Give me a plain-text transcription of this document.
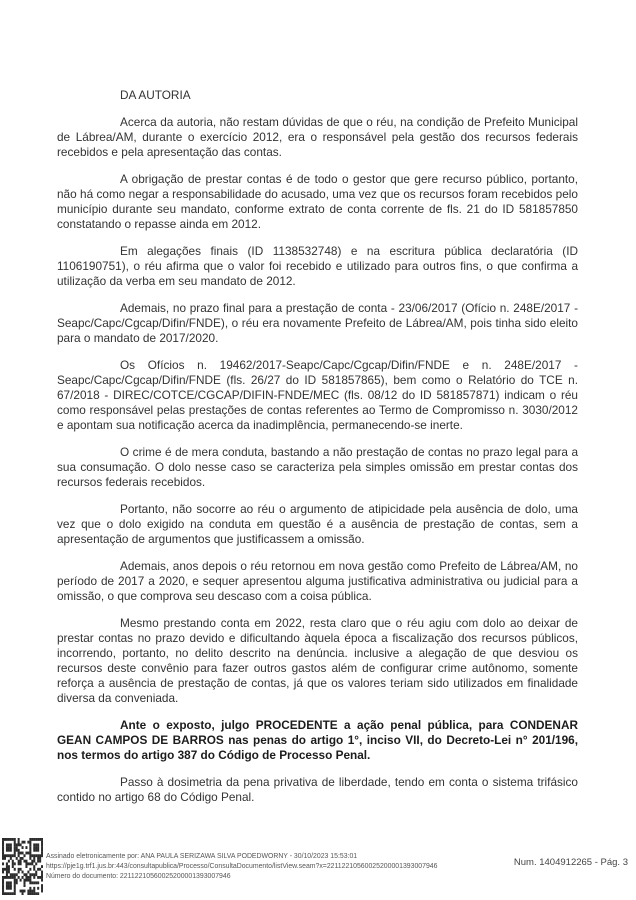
DA AUTORIA

Acerca da autoria, não restam dúvidas de que o réu, na condição de Prefeito Municipal de Lábrea/AM, durante o exercício 2012, era o responsável pela gestão dos recursos federais recebidos e pela apresentação das contas.

A obrigação de prestar contas é de todo o gestor que gere recurso público, portanto, não há como negar a responsabilidade do acusado, uma vez que os recursos foram recebidos pelo município durante seu mandato, conforme extrato de conta corrente de fls. 21 do ID 581857850 constatando o repasse ainda em 2012.

Em alegações finais (ID 1138532748) e na escritura pública declaratória (ID 1106190751), o réu afirma que o valor foi recebido e utilizado para outros fins, o que confirma a utilização da verba em seu mandato de 2012.

Ademais, no prazo final para a prestação de conta - 23/06/2017 (Ofício n. 248E/2017 - Seapc/Capc/Cgcap/Difin/FNDE), o réu era novamente Prefeito de Lábrea/AM, pois tinha sido eleito para o mandato de 2017/2020.

Os Ofícios n. 19462/2017-Seapc/Capc/Cgcap/Difin/FNDE e n. 248E/2017 - Seapc/Capc/Cgcap/Difin/FNDE (fls. 26/27 do ID 581857865), bem como o Relatório do TCE n. 67/2018 - DIREC/COTCE/CGCAP/DIFIN-FNDE/MEC (fls. 08/12 do ID 581857871) indicam o réu como responsável pelas prestações de contas referentes ao Termo de Compromisso n. 3030/2012 e apontam sua notificação acerca da inadimplência, permanecendo-se inerte.

O crime é de mera conduta, bastando a não prestação de contas no prazo legal para a sua consumação. O dolo nesse caso se caracteriza pela simples omissão em prestar contas dos recursos federais recebidos.

Portanto, não socorre ao réu o argumento de atipicidade pela ausência de dolo, uma vez que o dolo exigido na conduta em questão é a ausência de prestação de contas, sem a apresentação de argumentos que justificassem a omissão.

Ademais, anos depois o réu retornou em nova gestão como Prefeito de Lábrea/AM, no período de 2017 a 2020, e sequer apresentou alguma justificativa administrativa ou judicial para a omissão, o que comprova seu descaso com a coisa pública.

Mesmo prestando conta em 2022, resta claro que o réu agiu com dolo ao deixar de prestar contas no prazo devido e dificultando àquela época a fiscalização dos recursos públicos, incorrendo, portanto, no delito descrito na denúncia. inclusive a alegação de que desviou os recursos deste convênio para fazer outros gastos além de configurar crime autônomo, somente reforça a ausência de prestação de contas, já que os valores teriam sido utilizados em finalidade diversa da conveniada.

Ante o exposto, julgo PROCEDENTE a ação penal pública, para CONDENAR GEAN CAMPOS DE BARROS nas penas do artigo 1°, inciso VII, do Decreto-Lei n° 201/196, nos termos do artigo 387 do Código de Processo Penal.

Passo à dosimetria da pena privativa de liberdade, tendo em conta o sistema trifásico contido no artigo 68 do Código Penal.

Assinado eletronicamente por: ANA PAULA SERIZAWA SILVA PODEDWORNY - 30/10/2023 15:53:01
https://pje1g.trf1.jus.br:443/consultapublica/Processo/ConsultaDocumento/listView.seam?x=22112210560025200001393007946
Número do documento: 22112210560025200001393007946
Num. 1404912265 - Pág. 3
